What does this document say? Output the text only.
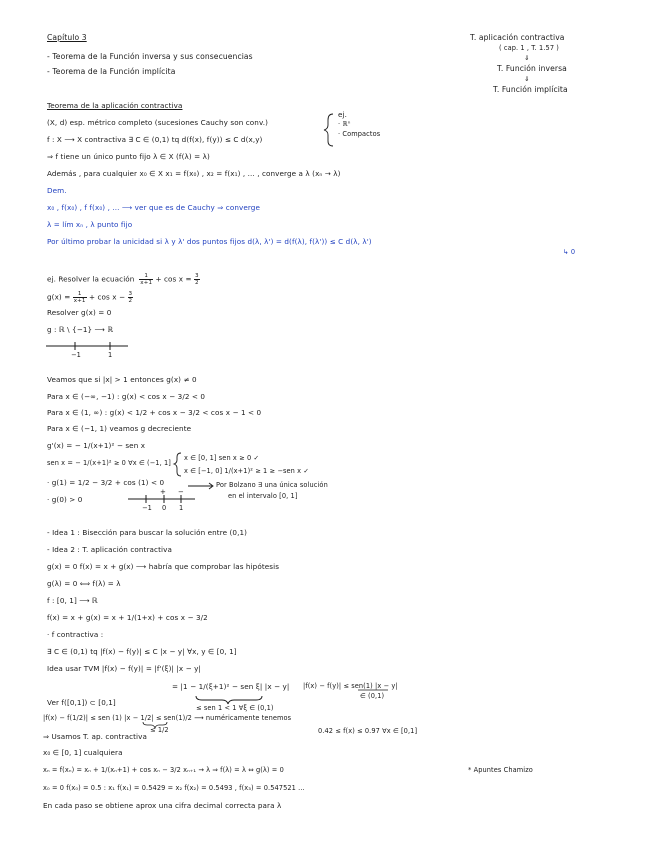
+ −
Capítulo 3
- Teorema de la Función inversa y sus consecuencias
- Teorema de la Función implícita
T. aplicación contractiva
( cap. 1 , T. 1.57 )
⇓
T. Función inversa
⇓
T. Función implícita
Teorema de la aplicación contractiva
(X, d) esp. métrico completo (sucesiones Cauchy son conv.)
ej.
· ℝⁿ
· Compactos
f : X ⟶ X contractiva ∃ C ∈ (0,1) tq d(f(x), f(y)) ≤ C d(x,y)
⇒ f tiene un único punto fijo λ ∈ X (f(λ) = λ)
Además , para cualquier x₀ ∈ X x₁ = f(x₀) , x₂ = f(x₁) , ... , converge a λ (xₙ → λ)
Dem.
x₀ , f(x₀) , f f(x₀) , ... ⟶ ver que es de Cauchy ⇒ converge
λ = lím xₙ , λ punto fijo
Por último probar la unicidad si λ y λ' dos puntos fijos d(λ, λ') = d(f(λ), f(λ')) ≤ C d(λ, λ')
↳ 0
ej. Resolver la ecuación $\frac{1}{x+1} + \cos x = \frac{3}{2}$
$g(x) = \frac{1}{x+1} + \cos x - \frac{3}{2}$
Resolver g(x) = 0
g : ℝ \ {−1} ⟶ ℝ
−1	1
Veamos que si |x| > 1 entonces g(x) ≠ 0
Para x ∈ (−∞, −1) : g(x) < cos x − 3/2 < 0
Para x ∈ (1, ∞) : g(x) < 1/2 + cos x − 3/2 < cos x − 1 < 0
Para x ∈ (−1, 1) veamos g decreciente
g'(x) = − 1/(x+1)² − sen x
sen x = − 1/(x+1)² ≥ 0 ∀x ∈ (−1, 1]
x ∈ [0, 1] sen x ≥ 0 ✓
x ∈ [−1, 0] 1/(x+1)² ≥ 1 ≥ −sen x ✓
· g(1) = 1/2 − 3/2 + cos (1) < 0
· g(0) > 0
Por Bolzano ∃ una única solución
en el intervalo [0, 1]
−1 0 1
- Idea 1 : Bisección para buscar la solución entre (0,1)
- Idea 2 : T. aplicación contractiva
g(x) = 0 f(x) = x + g(x) ⟶ habría que comprobar las hipótesis
g(λ) = 0 ⟺ f(λ) = λ
f : [0, 1] ⟶ ℝ
f(x) = x + g(x) = x + 1/(1+x) + cos x − 3/2
· f contractiva :
∃ C ∈ (0,1) tq |f(x) − f(y)| ≤ C |x − y| ∀x, y ∈ [0, 1]
Idea usar TVM |f(x) − f(y)| = |f'(ξ)| |x − y|
= |1 − 1/(ξ+1)² − sen ξ| |x − y| |f(x) − f(y)| ≤ sen(1) |x − y|
∈ (0,1)
≤ sen 1 < 1 ∀ξ ∈ (0,1)
Ver f([0,1]) ⊂ [0,1]
|f(x) − f(1/2)| ≤ sen (1) |x − 1/2| ≤ sen(1)/2 ⟶ numéricamente tenemos
≤ 1/2	0.42 ≤ f(x) ≤ 0.97 ∀x ∈ [0,1]
⇒ Usamos T. ap. contractiva
x₀ ∈ [0, 1] cualquiera
xₙ = f(xₙ) = xₙ + 1/(xₙ+1) + cos xₙ − 3/2 xₙ₊₁ → λ ⇒ f(λ) = λ ⇔ g(λ) = 0	* Apuntes Chamizo
x₀ = 0 f(x₀) = 0.5 : x₁ f(x₁) = 0.5429 = x₂ f(x₂) = 0.5493 , f(x₃) = 0.547521 ...
En cada paso se obtiene aprox una cifra decimal correcta para λ
